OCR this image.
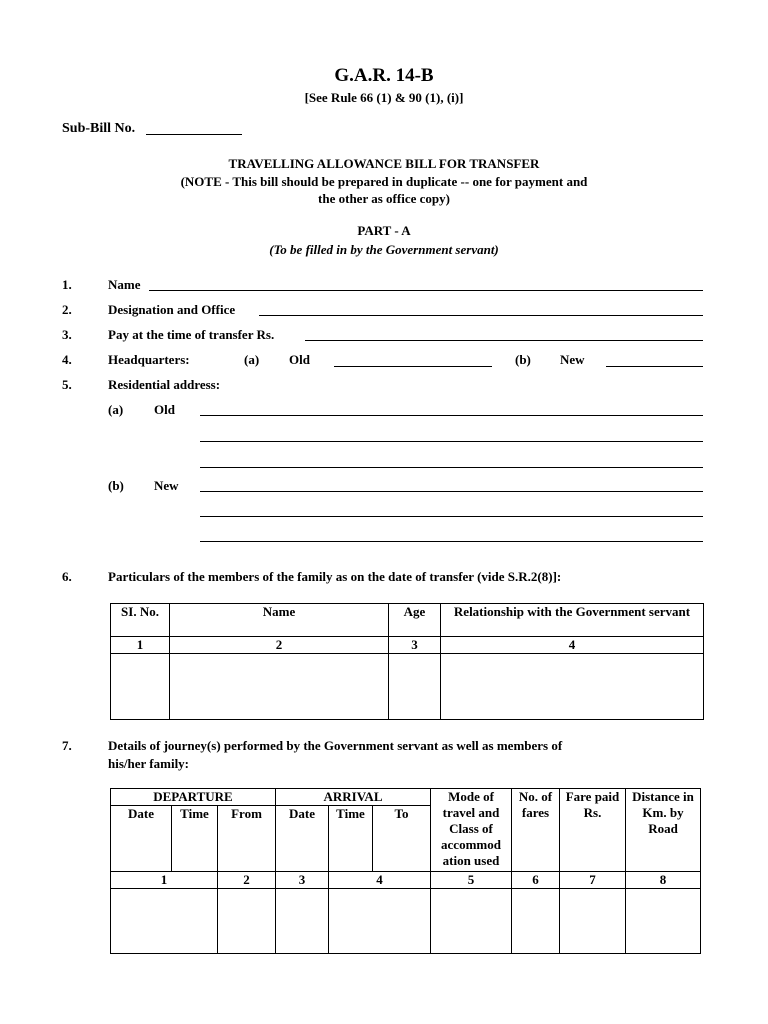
G.A.R. 14-B
[See Rule 66 (1) & 90 (1), (i)]
Sub-Bill No.
TRAVELLING ALLOWANCE BILL FOR TRANSFER
(NOTE - This bill should be prepared in duplicate -- one for payment and
the other as office copy)
PART - A
(To be filled in by the Government servant)
1.	Name
2.	Designation and Office
3.	Pay at the time of transfer Rs.
4.	Headquarters:	(a) Old	(b) New
5.	Residential address:
(a) Old
(b) New
6.	Particulars of the members of the family as on the date of transfer (vide S.R.2(8)]:
SI. No.	Name	Age	Relationship with the Government servant
1	2	3	4

7.	Details of journey(s) performed by the Government servant as well as members of
his/her family:
DEPARTURE			ARRIVAL			Mode of travel and Class of accommod ation used	No. of fares	Fare paid Rs.	Distance in Km. by Road
Date	Time	From	Date	Time	To				
1		2	3	4		5	6	7	8
